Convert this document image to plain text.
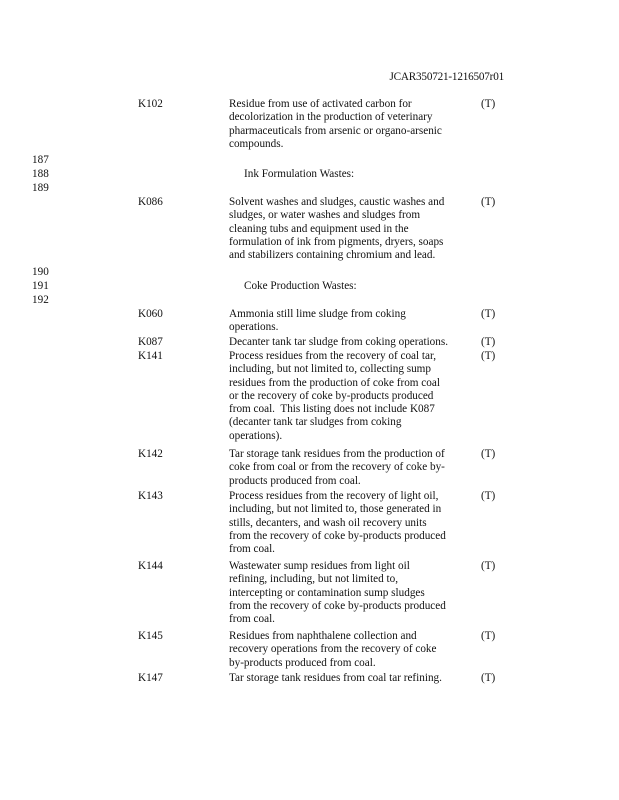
JCAR350721-1216507r01
K102	Residue from use of activated carbon for
decolorization in the production of veterinary
pharmaceuticals from arsenic or organo-arsenic
compounds.
(T)
187
188
189
Ink Formulation Wastes:
K086	Solvent washes and sludges, caustic washes and
sludges, or water washes and sludges from
cleaning tubs and equipment used in the
formulation of ink from pigments, dryers, soaps
and stabilizers containing chromium and lead.
(T)
190
191
192
Coke Production Wastes:
K060	Ammonia still lime sludge from coking
operations.
(T)
K087	Decanter tank tar sludge from coking operations.	(T)
K141	Process residues from the recovery of coal tar,
including, but not limited to, collecting sump
residues from the production of coke from coal
or the recovery of coke by-products produced
from coal.  This listing does not include K087
(decanter tank tar sludges from coking
operations).
(T)
K142	Tar storage tank residues from the production of
coke from coal or from the recovery of coke by-
products produced from coal.
(T)
K143	Process residues from the recovery of light oil,
including, but not limited to, those generated in
stills, decanters, and wash oil recovery units
from the recovery of coke by-products produced
from coal.
(T)
K144	Wastewater sump residues from light oil
refining, including, but not limited to,
intercepting or contamination sump sludges
from the recovery of coke by-products produced
from coal.
(T)
K145	Residues from naphthalene collection and
recovery operations from the recovery of coke
by-products produced from coal.
(T)
K147	Tar storage tank residues from coal tar refining.	(T)
